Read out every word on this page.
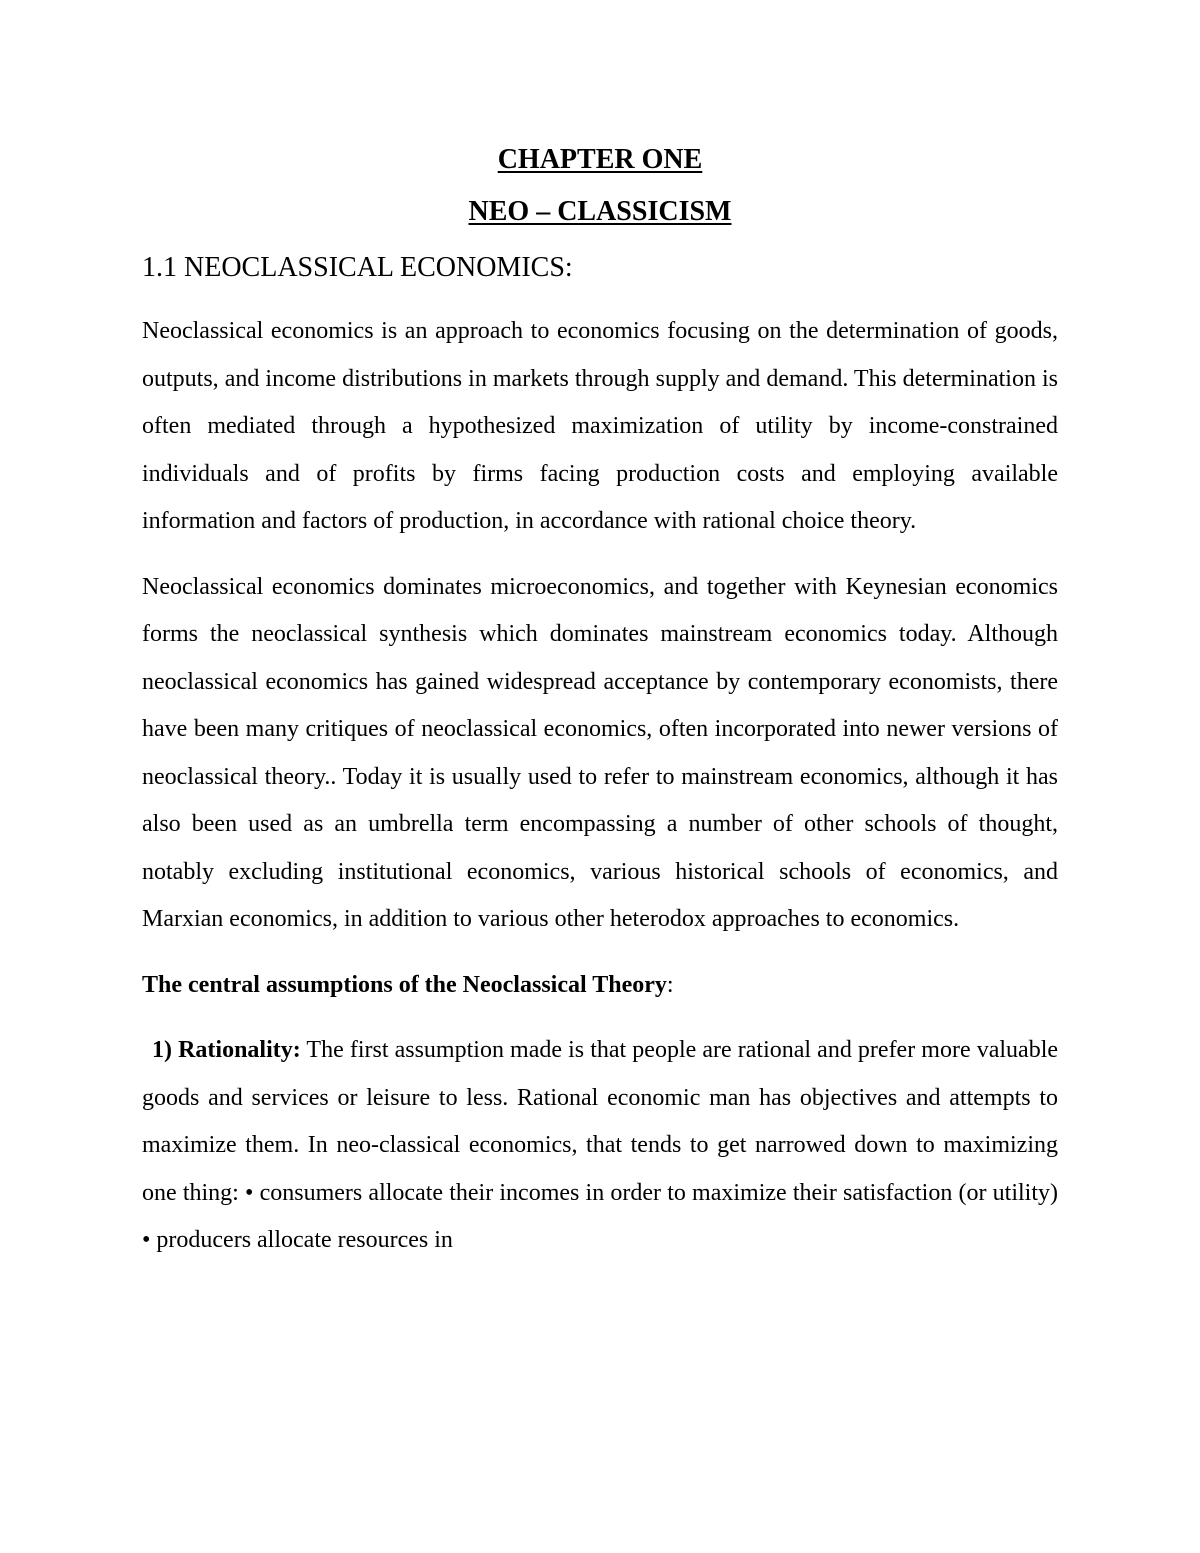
CHAPTER ONE
NEO – CLASSICISM
1.1 NEOCLASSICAL ECONOMICS:

Neoclassical economics is an approach to economics focusing on the determination of goods, outputs, and income distributions in markets through supply and demand. This determination is often mediated through a hypothesized maximization of utility by income-constrained individuals and of profits by firms facing production costs and employing available information and factors of production, in accordance with rational choice theory.

Neoclassical economics dominates microeconomics, and together with Keynesian economics forms the neoclassical synthesis which dominates mainstream economics today. Although neoclassical economics has gained widespread acceptance by contemporary economists, there have been many critiques of neoclassical economics, often incorporated into newer versions of neoclassical theory.. Today it is usually used to refer to mainstream economics, although it has also been used as an umbrella term encompassing a number of other schools of thought, notably excluding institutional economics, various historical schools of economics, and Marxian economics, in addition to various other heterodox approaches to economics.

The central assumptions of the Neoclassical Theory:

1) Rationality: The first assumption made is that people are rational and prefer more valuable goods and services or leisure to less. Rational economic man has objectives and attempts to maximize them. In neo-classical economics, that tends to get narrowed down to maximizing one thing: • consumers allocate their incomes in order to maximize their satisfaction (or utility) • producers allocate resources in
